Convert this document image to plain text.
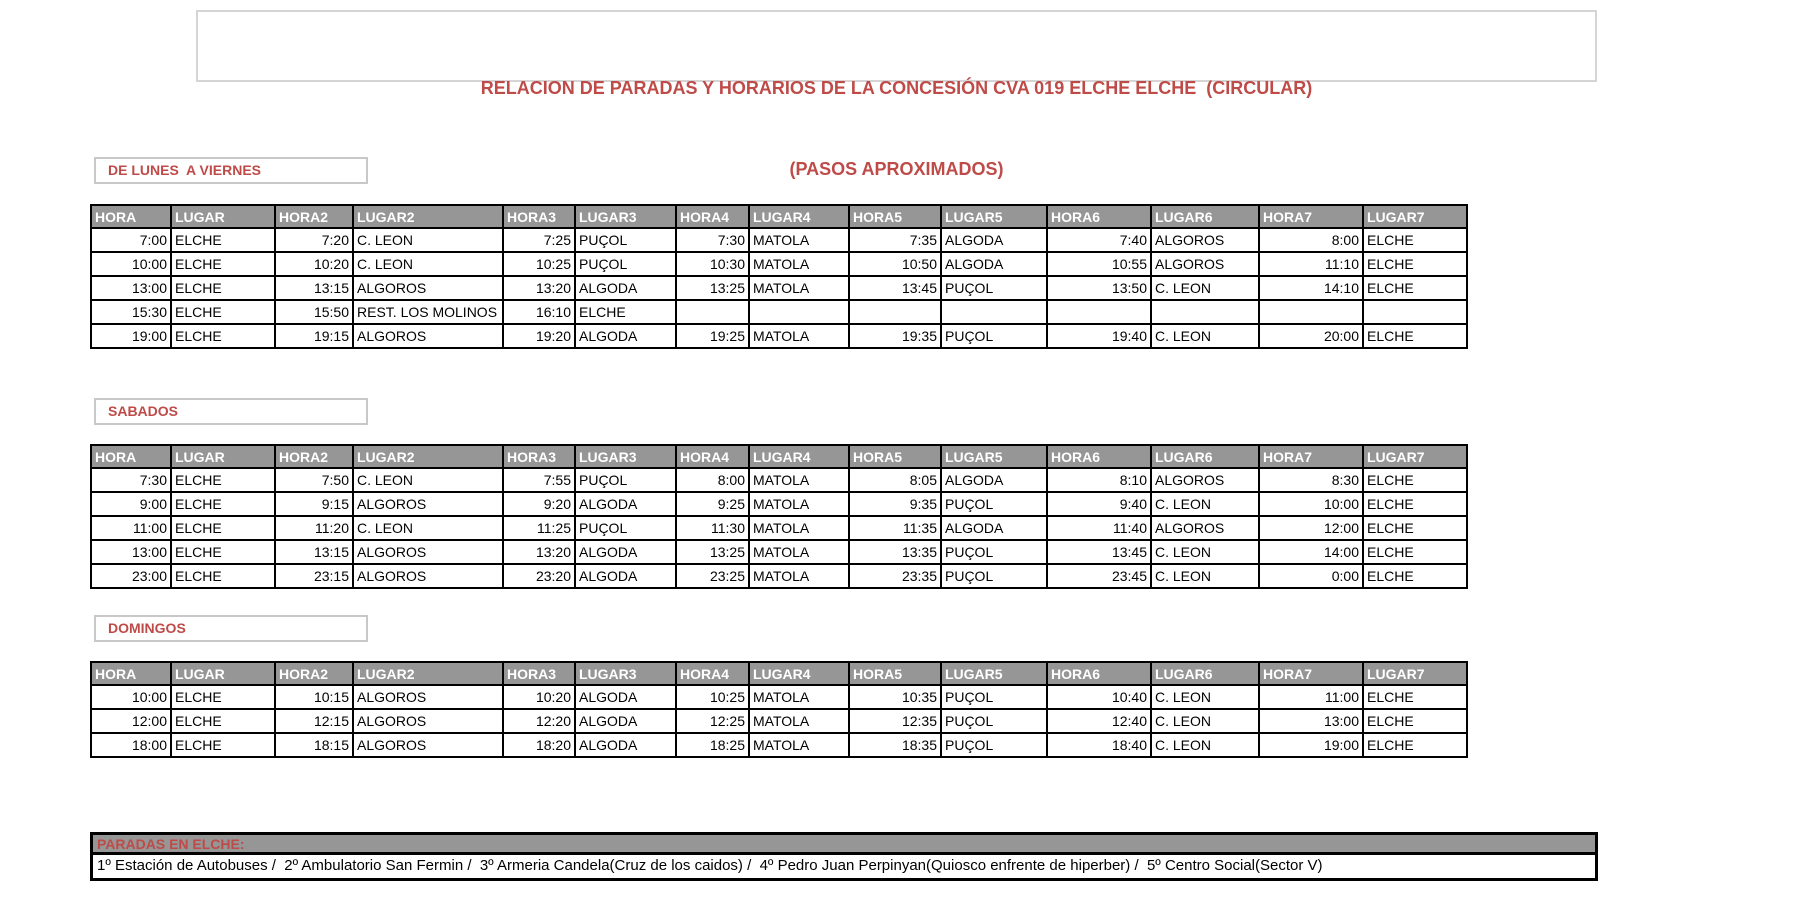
RELACION DE PARADAS Y HORARIOS DE LA CONCESIÓN CVA 019 ELCHE ELCHE  (CIRCULAR)

(PASOS APROXIMADOS)

DE LUNES  A VIERNES
HORA	LUGAR	HORA2	LUGAR2	HORA3	LUGAR3	HORA4	LUGAR4	HORA5	LUGAR5	HORA6	LUGAR6	HORA7	LUGAR7
7:00	ELCHE	7:20	C. LEON	7:25	PUÇOL	7:30	MATOLA	7:35	ALGODA	7:40	ALGOROS	8:00	ELCHE
10:00	ELCHE	10:20	C. LEON	10:25	PUÇOL	10:30	MATOLA	10:50	ALGODA	10:55	ALGOROS	11:10	ELCHE
13:00	ELCHE	13:15	ALGOROS	13:20	ALGODA	13:25	MATOLA	13:45	PUÇOL	13:50	C. LEON	14:10	ELCHE
15:30	ELCHE	15:50	REST. LOS MOLINOS	16:10	ELCHE								
19:00	ELCHE	19:15	ALGOROS	19:20	ALGODA	19:25	MATOLA	19:35	PUÇOL	19:40	C. LEON	20:00	ELCHE
SABADOS
HORA	LUGAR	HORA2	LUGAR2	HORA3	LUGAR3	HORA4	LUGAR4	HORA5	LUGAR5	HORA6	LUGAR6	HORA7	LUGAR7
7:30	ELCHE	7:50	C. LEON	7:55	PUÇOL	8:00	MATOLA	8:05	ALGODA	8:10	ALGOROS	8:30	ELCHE
9:00	ELCHE	9:15	ALGOROS	9:20	ALGODA	9:25	MATOLA	9:35	PUÇOL	9:40	C. LEON	10:00	ELCHE
11:00	ELCHE	11:20	C. LEON	11:25	PUÇOL	11:30	MATOLA	11:35	ALGODA	11:40	ALGOROS	12:00	ELCHE
13:00	ELCHE	13:15	ALGOROS	13:20	ALGODA	13:25	MATOLA	13:35	PUÇOL	13:45	C. LEON	14:00	ELCHE
23:00	ELCHE	23:15	ALGOROS	23:20	ALGODA	23:25	MATOLA	23:35	PUÇOL	23:45	C. LEON	0:00	ELCHE
DOMINGOS
HORA	LUGAR	HORA2	LUGAR2	HORA3	LUGAR3	HORA4	LUGAR4	HORA5	LUGAR5	HORA6	LUGAR6	HORA7	LUGAR7
10:00	ELCHE	10:15	ALGOROS	10:20	ALGODA	10:25	MATOLA	10:35	PUÇOL	10:40	C. LEON	11:00	ELCHE
12:00	ELCHE	12:15	ALGOROS	12:20	ALGODA	12:25	MATOLA	12:35	PUÇOL	12:40	C. LEON	13:00	ELCHE
18:00	ELCHE	18:15	ALGOROS	18:20	ALGODA	18:25	MATOLA	18:35	PUÇOL	18:40	C. LEON	19:00	ELCHE
PARADAS EN ELCHE:
1º Estación de Autobuses /  2º Ambulatorio San Fermin /  3º Armeria Candela(Cruz de los caidos) /  4º Pedro Juan Perpinyan(Quiosco enfrente de hiperber) /  5º Centro Social(Sector V)
